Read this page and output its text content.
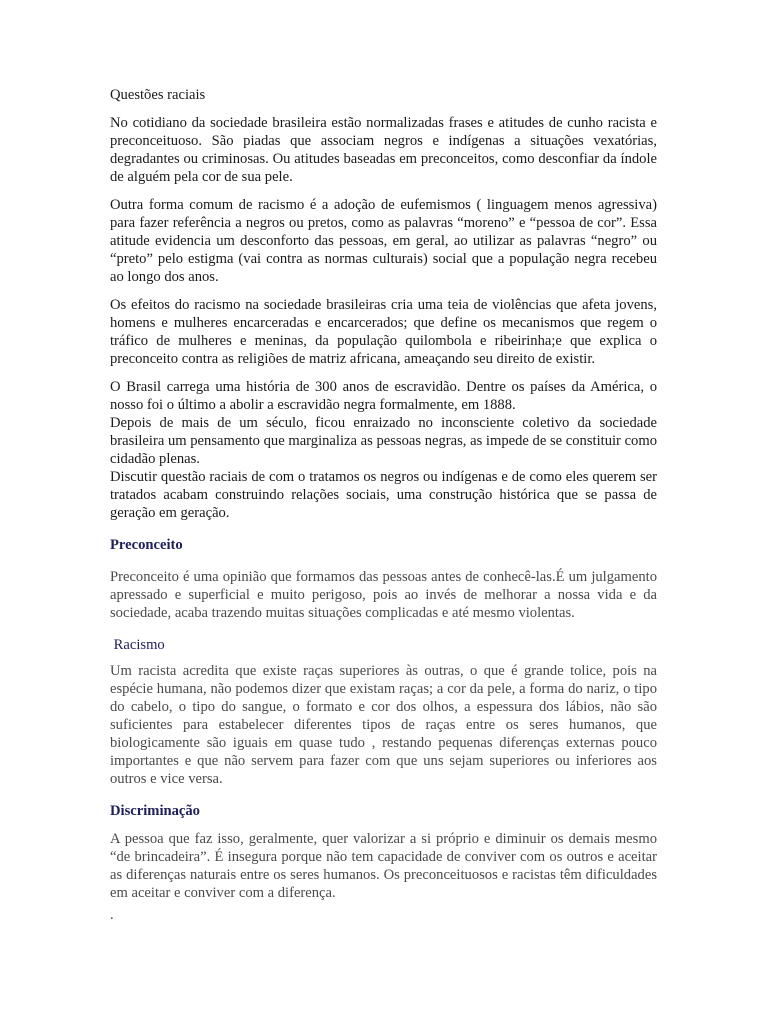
Questões raciais

No cotidiano da sociedade brasileira estão normalizadas frases e atitudes de cunho racista e preconceituoso. São piadas que associam negros e indígenas a situações vexatórias, degradantes ou criminosas. Ou atitudes baseadas em preconceitos, como desconfiar da índole de alguém pela cor de sua pele.

Outra forma comum de racismo é a adoção de eufemismos ( linguagem menos agressiva) para fazer referência a negros ou pretos, como as palavras “moreno” e “pessoa de cor”. Essa atitude evidencia um desconforto das pessoas, em geral, ao utilizar as palavras “negro” ou “preto” pelo estigma (vai contra as normas culturais) social que a população negra recebeu ao longo dos anos.

Os efeitos do racismo na sociedade brasileiras cria uma teia de violências que afeta jovens, homens e mulheres encarceradas e encarcerados; que define os mecanismos que regem o tráfico de mulheres e meninas, da população quilombola e ribeirinha;e que explica o preconceito contra as religiões de matriz africana, ameaçando seu direito de existir.

O Brasil carrega uma história de 300 anos de escravidão. Dentre os países da América, o nosso foi o último a abolir a escravidão negra formalmente, em 1888.

Depois de mais de um século, ficou enraizado no inconsciente coletivo da sociedade brasileira um pensamento que marginaliza as pessoas negras, as impede de se constituir como cidadão plenas.

Discutir questão raciais de com o tratamos os negros ou indígenas e de como eles querem ser tratados acabam construindo relações sociais, uma construção histórica que se passa de geração em geração.

Preconceito

Preconceito é uma opinião que formamos das pessoas antes de conhecê-las.É um julgamento apressado e superficial e muito perigoso, pois ao invés de melhorar a nossa vida e da sociedade, acaba trazendo muitas situações complicadas e até mesmo violentas.

Racismo

Um racista acredita que existe raças superiores às outras, o que é grande tolice, pois na espécie humana, não podemos dizer que existam raças; a cor da pele, a forma do nariz, o tipo do cabelo, o tipo do sangue, o formato e cor dos olhos, a espessura dos lábios, não são suficientes para estabelecer diferentes tipos de raças entre os seres humanos, que biologicamente são iguais em quase tudo , restando pequenas diferenças externas pouco importantes e que não servem para fazer com que uns sejam superiores ou inferiores aos outros e vice versa.

Discriminação

A pessoa que faz isso, geralmente, quer valorizar a si próprio e diminuir os demais mesmo “de brincadeira”. É insegura porque não tem capacidade de conviver com os outros e aceitar as diferenças naturais entre os seres humanos. Os preconceituosos e racistas têm dificuldades em aceitar e conviver com a diferença.

.
